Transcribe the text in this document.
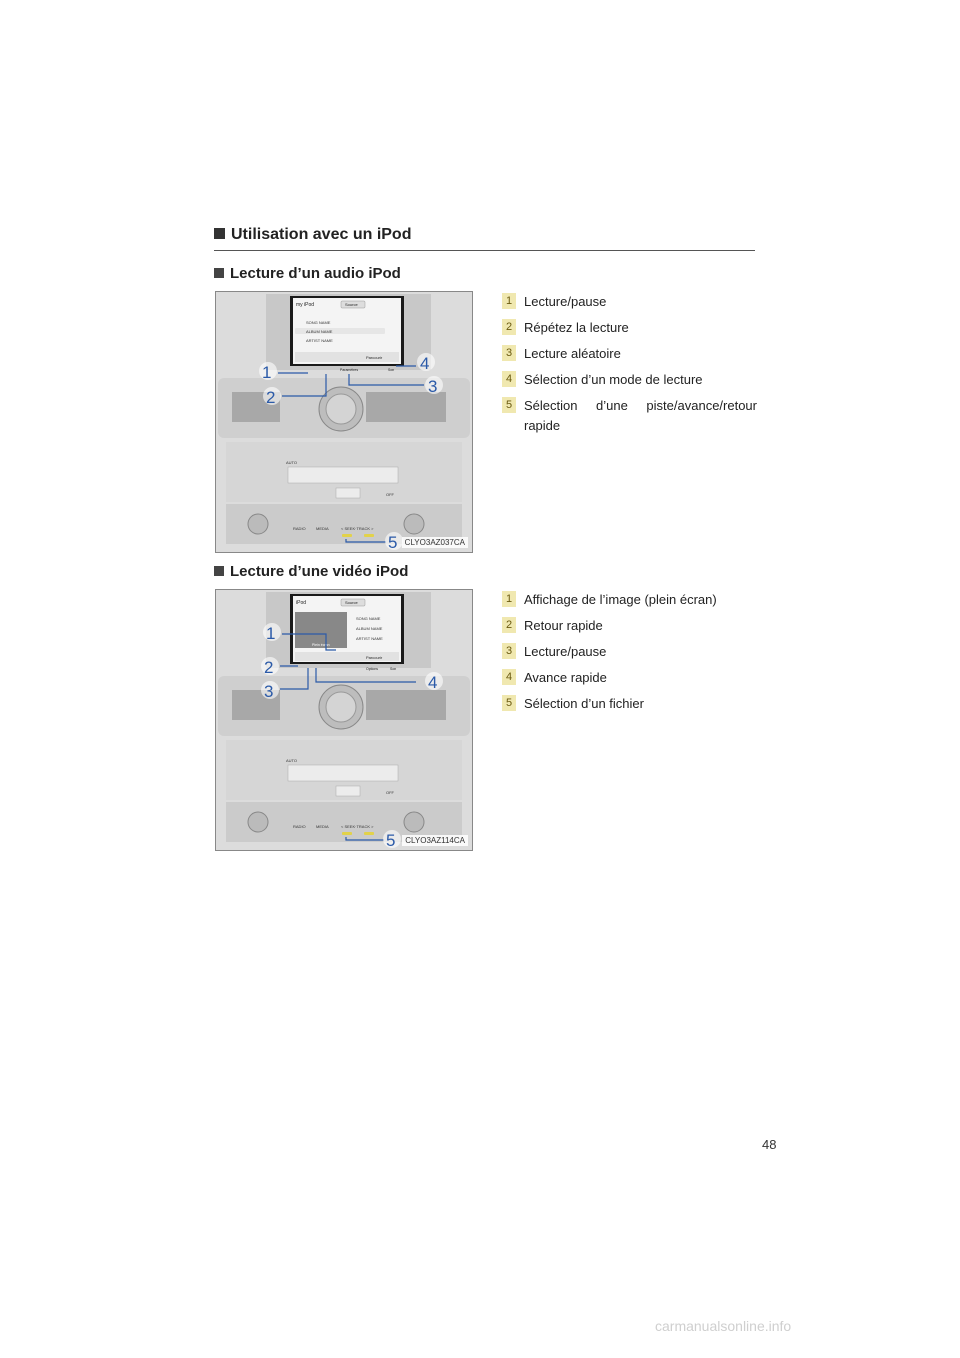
Utilisation avec un iPod
Lecture d’un audio iPod
my iPod	Source
SONG NAME
ALBUM NAME
ARTIST NAME
Parcourir
Paramètres	Son
AUTO
OFF
RADIO	MEDIA	< SEEK·TRACK >
1
2
3
4
5 CLYO3AZ037CA
1 Lecture/pause
2 Répétez la lecture
3 Lecture aléatoire
4 Sélection d’un mode de lecture
5 Sélection d’une piste/avance/retour rapide
Lecture d’une vidéo iPod
iPod	Source
Plein écran
SONG NAME
ALBUM NAME
ARTIST NAME
Parcourir
Options	Son
AUTO
OFF
RADIO	MEDIA	< SEEK·TRACK >
1
2
3	4
5	CLYO3AZ114CA
1 Affichage de l’image (plein écran)
2 Retour rapide
3 Lecture/pause
4 Avance rapide
5 Sélection d’un fichier
48
carmanualsonline.info
